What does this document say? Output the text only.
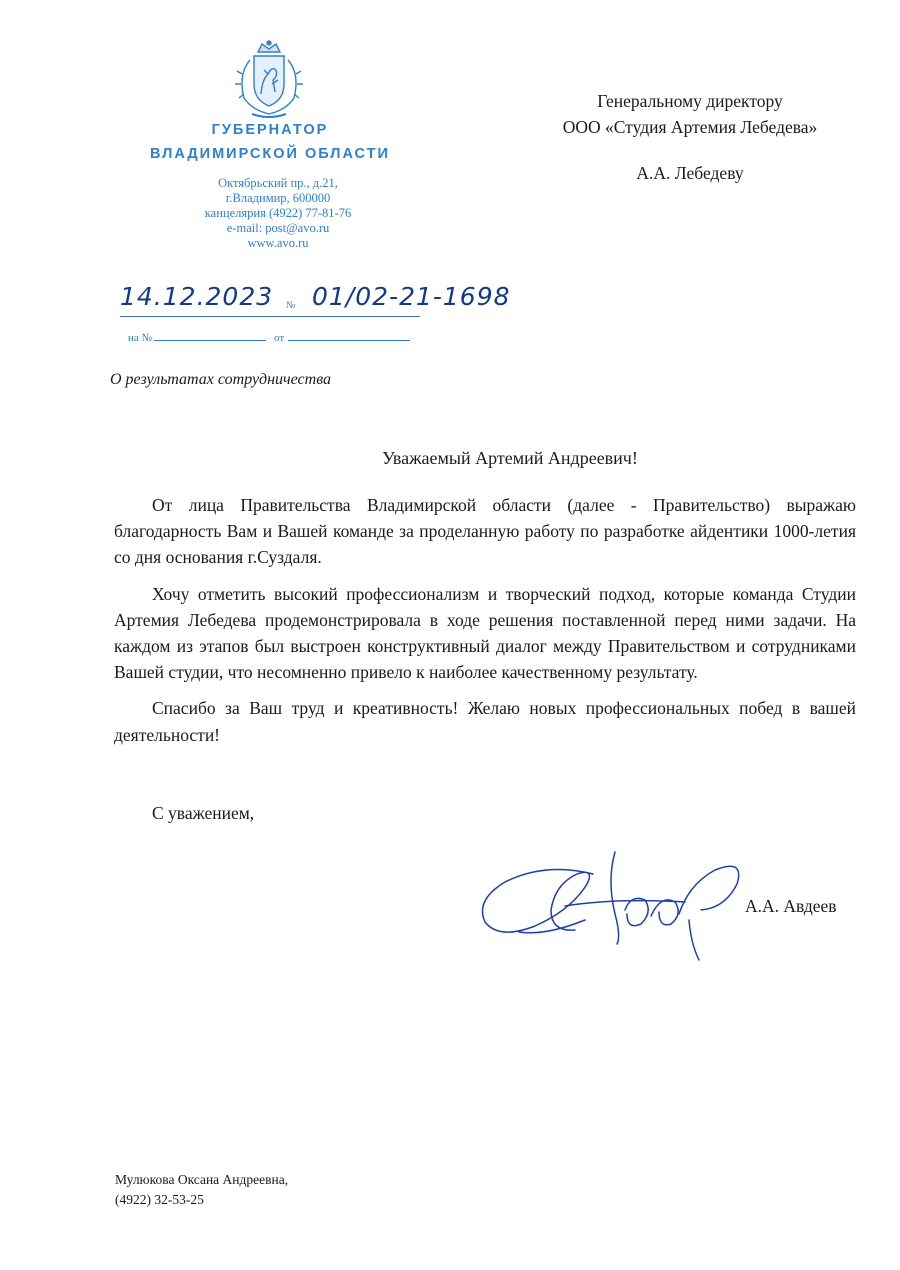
ГУБЕРНАТОР
ВЛАДИМИРСКОЙ ОБЛАСТИ
Октябрьский пр., д.21,
г.Владимир, 600000
канцелярия (4922) 77-81-76
e-mail: post@avo.ru
www.avo.ru
Генеральному директору
ООО «Студия Артемия Лебедева»
А.А. Лебедеву
14.12.2023 № 01/02-21-1698
на №	от
О результатах сотрудничества
Уважаемый Артемий Андреевич!

От лица Правительства Владимирской области (далее - Правительство) выражаю благодарность Вам и Вашей команде за проделанную работу по разработке айдентики 1000-летия со дня основания г.Суздаля.

Хочу отметить высокий профессионализм и творческий подход, которые команда Студии Артемия Лебедева продемонстрировала в ходе решения поставленной перед ними задачи. На каждом из этапов был выстроен конструктивный диалог между Правительством и сотрудниками Вашей студии, что несомненно привело к наиболее качественному результату.

Спасибо за Ваш труд и креативность! Желаю новых профессиональных побед в вашей деятельности!

С уважением,
А.А. Авдеев
Мулюкова Оксана Андреевна,
(4922) 32-53-25
